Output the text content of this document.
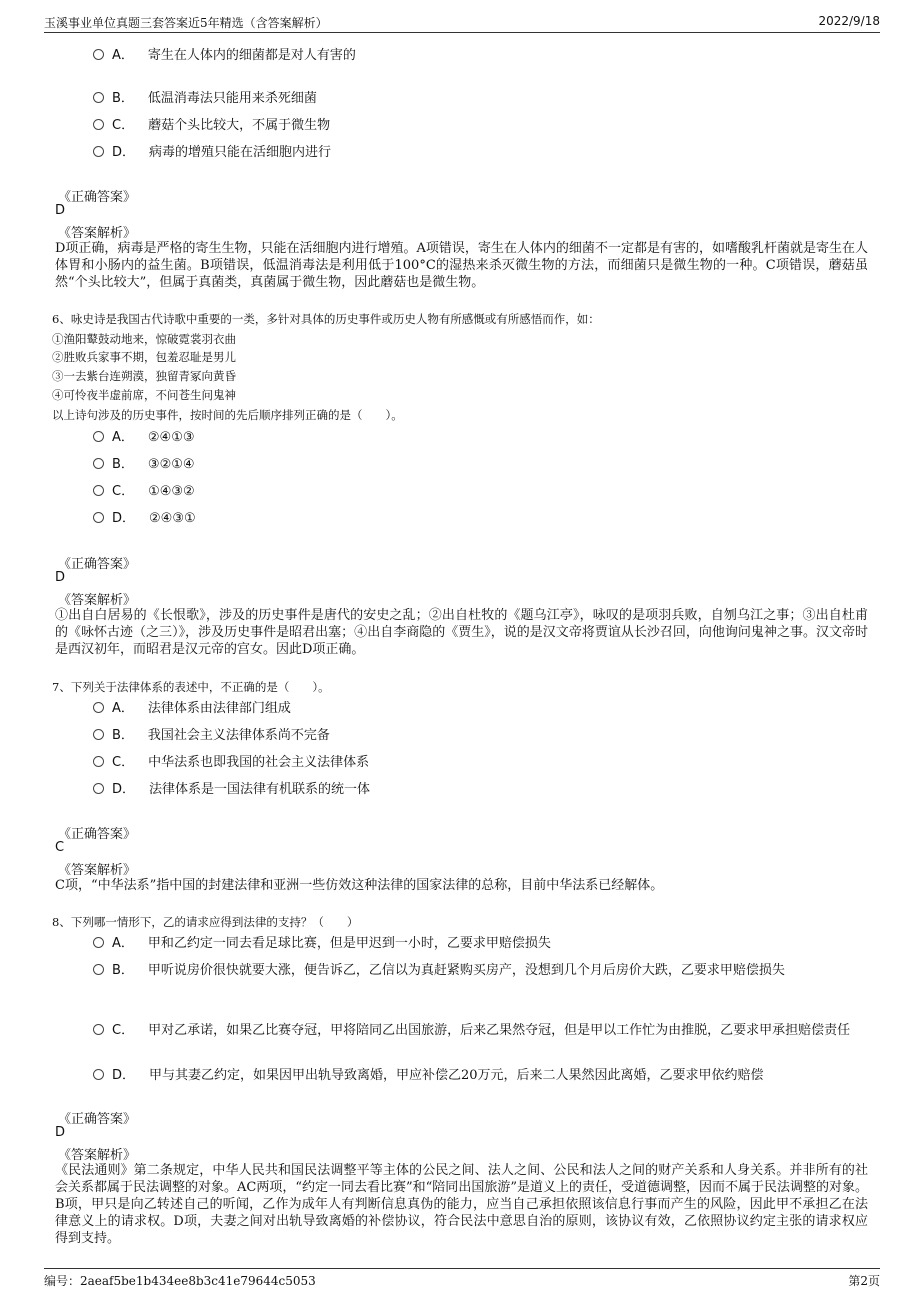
玉溪事业单位真题三套答案近5年精选（含答案解析）	2022/9/18
A． 寄生在人体内的细菌都是对人有害的
B． 低温消毒法只能用来杀死细菌
C． 蘑菇个头比较大，不属于微生物
D． 病毒的增殖只能在活细胞内进行
《正确答案》
D
《答案解析》
D项正确，病毒是严格的寄生生物，只能在活细胞内进行增殖。A项错误，寄生在人体内的细菌不一定都是有害的，如嗜酸乳杆菌就是寄生在人体胃和小肠内的益生菌。B项错误，低温消毒法是利用低于100°C的湿热来杀灭微生物的方法，而细菌只是微生物的一种。C项错误，蘑菇虽然“个头比较大”，但属于真菌类，真菌属于微生物，因此蘑菇也是微生物。
6、咏史诗是我国古代诗歌中重要的一类，多针对具体的历史事件或历史人物有所感慨或有所感悟而作，如：
①渔阳鼙鼓动地来，惊破霓裳羽衣曲
②胜败兵家事不期，包羞忍耻是男儿
③一去紫台连朔漠，独留青冢向黄昏
④可怜夜半虚前席，不问苍生问鬼神
以上诗句涉及的历史事件，按时间的先后顺序排列正确的是（　　）。
A． ②④①③
B． ③②①④
C． ①④③②
D． ②④③①
《正确答案》
D
《答案解析》
①出自白居易的《长恨歌》，涉及的历史事件是唐代的安史之乱；②出自杜牧的《题乌江亭》，咏叹的是项羽兵败，自刎乌江之事；③出自杜甫的《咏怀古迹（之三）》，涉及历史事件是昭君出塞；④出自李商隐的《贾生》，说的是汉文帝将贾谊从长沙召回，向他询问鬼神之事。汉文帝时是西汉初年，而昭君是汉元帝的宫女。因此D项正确。
7、下列关于法律体系的表述中，不正确的是（　　）。
A． 法律体系由法律部门组成
B． 我国社会主义法律体系尚不完备
C． 中华法系也即我国的社会主义法律体系
D． 法律体系是一国法律有机联系的统一体
《正确答案》
C
《答案解析》
C项，“中华法系”指中国的封建法律和亚洲一些仿效这种法律的国家法律的总称，目前中华法系已经解体。
8、下列哪一情形下，乙的请求应得到法律的支持？（　　）
A． 甲和乙约定一同去看足球比赛，但是甲迟到一小时，乙要求甲赔偿损失
B． 甲听说房价很快就要大涨，便告诉乙，乙信以为真赶紧购买房产，没想到几个月后房价大跌，乙要求甲赔偿损失
C． 甲对乙承诺，如果乙比赛夺冠，甲将陪同乙出国旅游，后来乙果然夺冠，但是甲以工作忙为由推脱，乙要求甲承担赔偿责任
D． 甲与其妻乙约定，如果因甲出轨导致离婚，甲应补偿乙20万元，后来二人果然因此离婚，乙要求甲依约赔偿
《正确答案》
D
《答案解析》
《民法通则》第二条规定，中华人民共和国民法调整平等主体的公民之间、法人之间、公民和法人之间的财产关系和人身关系。并非所有的社会关系都属于民法调整的对象。AC两项，“约定一同去看比赛”和“陪同出国旅游”是道义上的责任，受道德调整，因而不属于民法调整的对象。B项，甲只是向乙转述自己的听闻，乙作为成年人有判断信息真伪的能力，应当自己承担依照该信息行事而产生的风险，因此甲不承担乙在法律意义上的请求权。D项，夫妻之间对出轨导致离婚的补偿协议，符合民法中意思自治的原则，该协议有效，乙依照协议约定主张的请求权应得到支持。
编号：2aeaf5be1b434ee8b3c41e79644c5053	第2页
